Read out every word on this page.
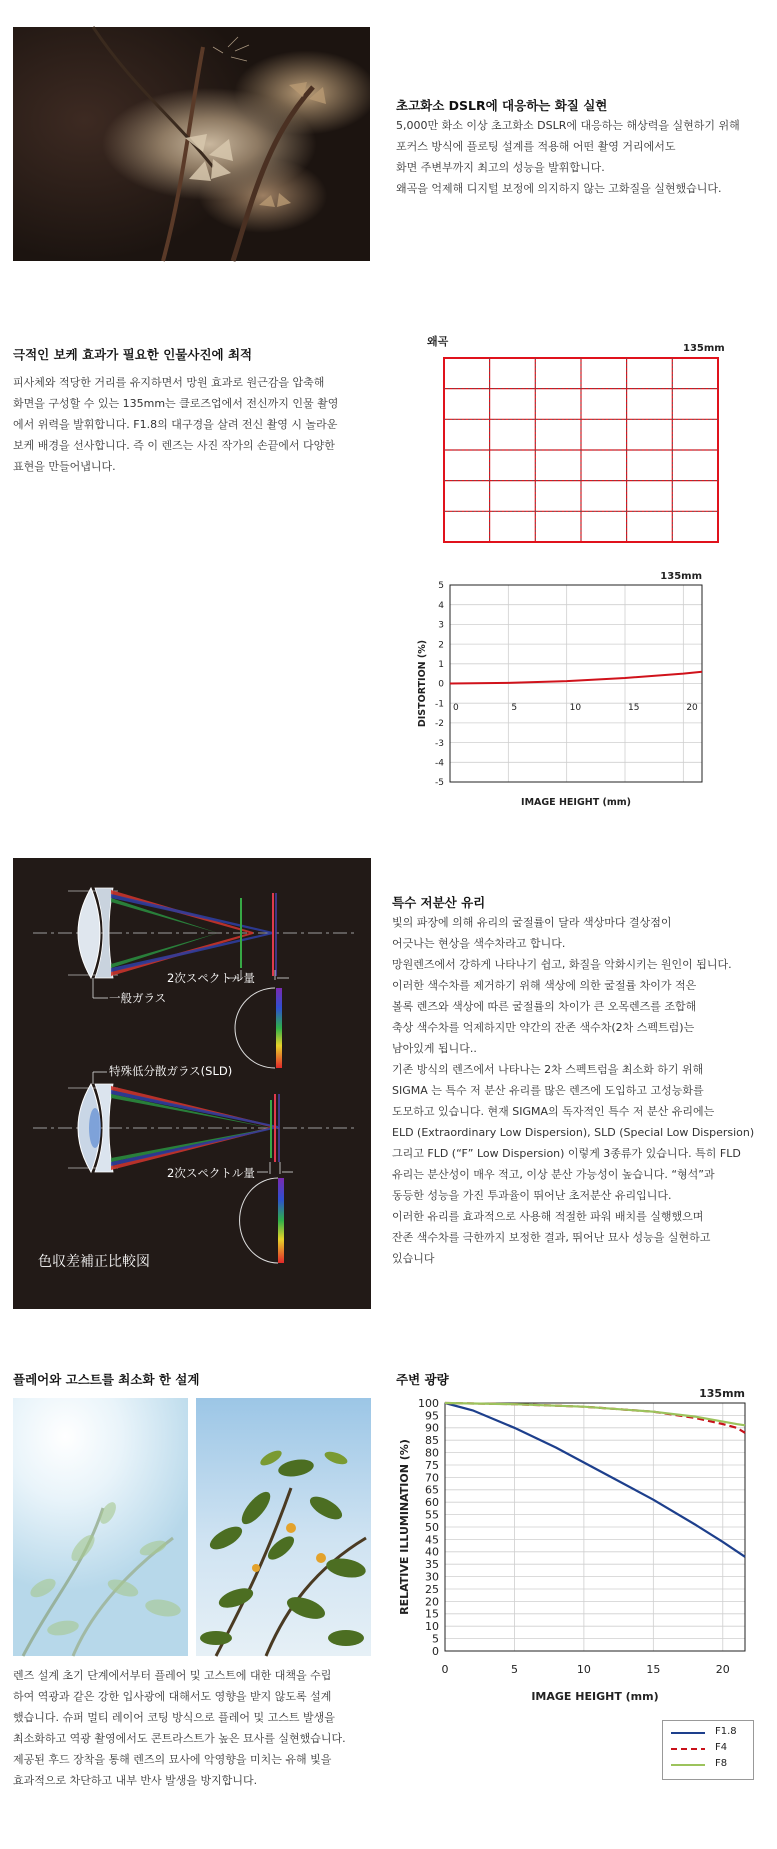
초고화소 DSLR에 대응하는 화질 실현
5,000만 화소 이상 초고화소 DSLR에 대응하는 해상력을 실현하기 위해
포커스 방식에 플로팅 설계를 적용해 어떤 촬영 거리에서도
화면 주변부까지 최고의 성능을 발휘합니다.
왜곡을 억제해 디지털 보정에 의지하지 않는 고화질을 실현했습니다.
극적인 보케 효과가 필요한 인물사진에 최적
피사체와 적당한 거리를 유지하면서 망원 효과로 원근감을 압축해
화면을 구성할 수 있는 135mm는 클로즈업에서 전신까지 인물 촬영
에서 위력을 발휘합니다. F1.8의 대구경을 살려 전신 촬영 시 놀라운
보케 배경을 선사합니다. 즉 이 렌즈는 사진 작가의 손끝에서 다양한
표현을 만들어냅니다.
왜곡
135mm
0	5	10	15	20
5
4
3
2
1
0
-1
-2
-3
-4
-5
IMAGE HEIGHT (mm)
DISTORTION (%)
135mm
2次スペクトル量
一般ガラス
特殊低分散ガラス(SLD)
2次スペクトル量
色収差補正比較図
특수 저분산 유리
빛의 파장에 의해 유리의 굴절률이 달라 색상마다 결상점이
어긋나는 현상을 색수차라고 합니다.
망원렌즈에서 강하게 나타나기 쉽고, 화질을 악화시키는 원인이 됩니다.
이러한 색수차를 제거하기 위해 색상에 의한 굴절률 차이가 적은
볼록 렌즈와 색상에 따른 굴절률의 차이가 큰 오목렌즈를 조합해
축상 색수차를 억제하지만 약간의 잔존 색수차(2차 스펙트럼)는
남아있게 됩니다..
기존 방식의 렌즈에서 나타나는 2차 스펙트럼을 최소화 하기 위해
SIGMA 는 특수 저 분산 유리를 많은 렌즈에 도입하고 고성능화를
도모하고 있습니다. 현재 SIGMA의 독자적인 특수 저 분산 유리에는
ELD (Extraordinary Low Dispersion), SLD (Special Low Dispersion)
그리고 FLD (“F” Low Dispersion) 이렇게 3종류가 있습니다. 특히 FLD
유리는 분산성이 매우 적고, 이상 분산 가능성이 높습니다. “형석”과
동등한 성능을 가진 투과율이 뛰어난 초저분산 유리입니다.
이러한 유리를 효과적으로 사용해 적절한 파워 배치를 실행했으며
잔존 색수차를 극한까지 보정한 결과, 뛰어난 묘사 성능을 실현하고
있습니다
플레어와 고스트를 최소화 한 설계
렌즈 설계 초기 단계에서부터 플레어 및 고스트에 대한 대책을 수립
하여 역광과 같은 강한 입사광에 대해서도 영향을 받지 않도록 설계
했습니다. 슈퍼 멀티 레이어 코팅 방식으로 플레어 및 고스트 발생을
최소화하고 역광 촬영에서도 콘트라스트가 높은 묘사를 실현했습니다.
제공된 후드 장착을 통해 렌즈의 묘사에 악영향을 미치는 유해 빛을
효과적으로 차단하고 내부 반사 발생을 방지합니다.
주변 광량
0	5	10	15	20
100
95
90
85
80
75
70
65
60
55
50
45
40
35
30
25
20
15
10
5
0
IMAGE HEIGHT (mm)
RELATIVE ILLUMINATION (%)
135mm
F1.8
F4
F8
